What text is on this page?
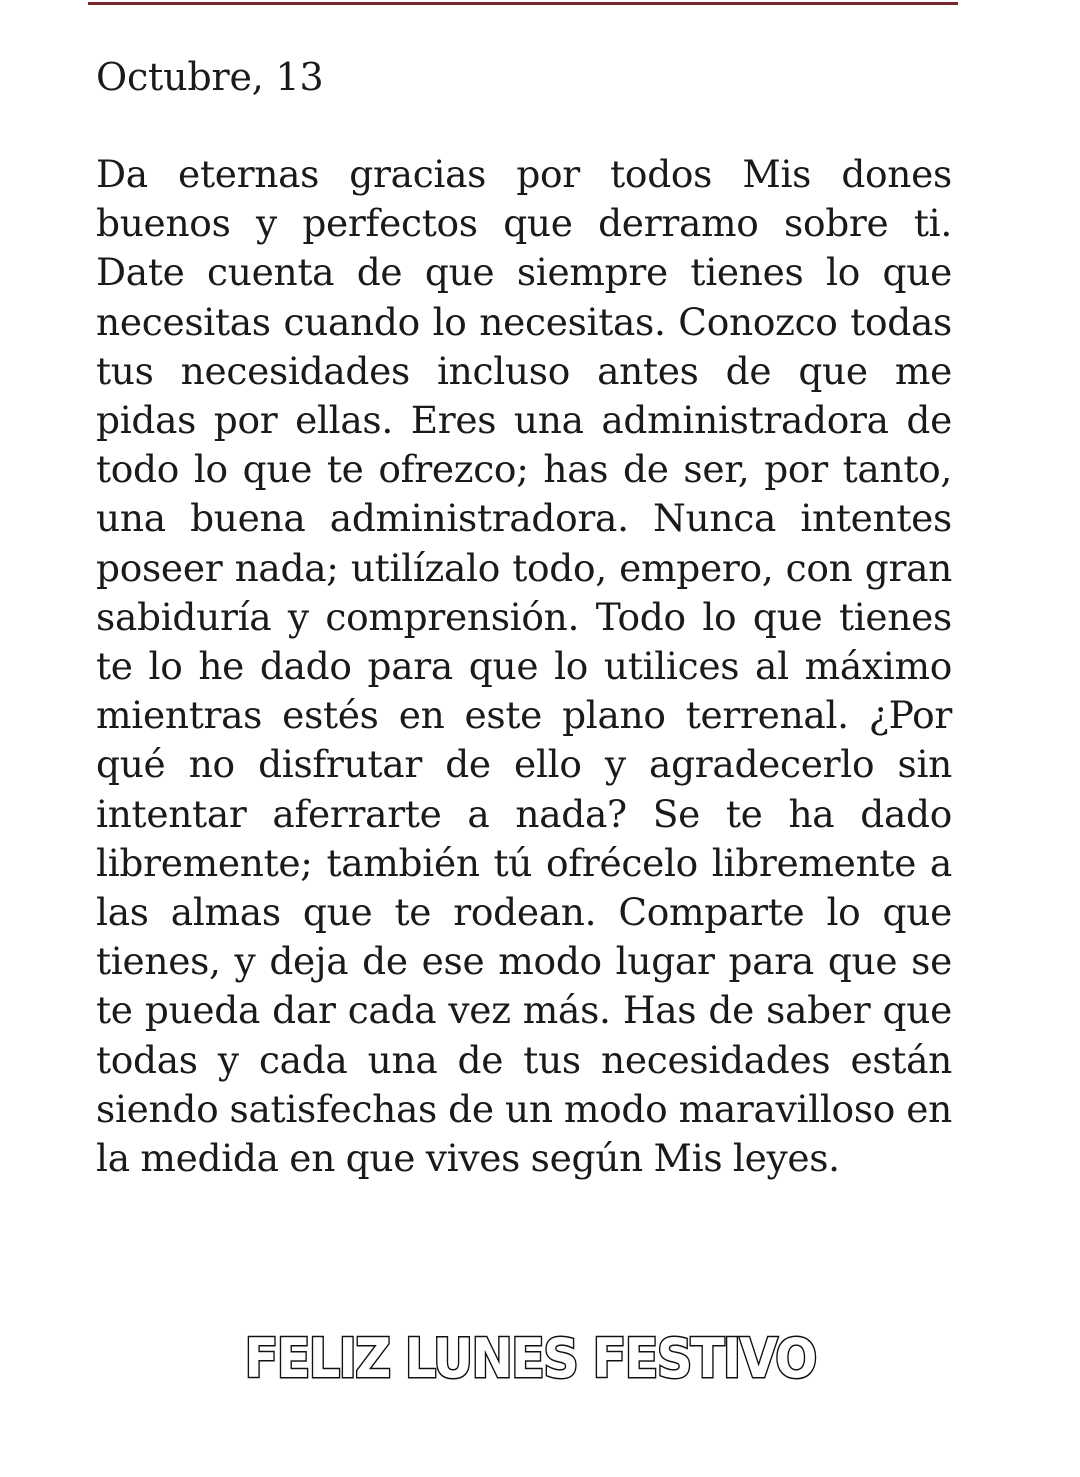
Octubre, 13
Da eternas gracias por todos Mis dones buenos y perfectos que derramo sobre ti. Date cuenta de que siempre tienes lo que necesitas cuando lo necesitas. Conozco todas tus necesidades incluso antes de que me pidas por ellas. Eres una administradora de todo lo que te ofrezco; has de ser, por tanto, una buena administradora. Nunca intentes poseer nada; utilízalo todo, empero, con gran sabiduría y comprensión. Todo lo que tienes te lo he dado para que lo utilices al máximo mientras estés en este plano terrenal. ¿Por qué no disfrutar de ello y agradecerlo sin intentar aferrarte a nada? Se te ha dado libremente; también tú ofrécelo libremente a las almas que te rodean. Comparte lo que tienes, y deja de ese modo lugar para que se te pueda dar cada vez más. Has de saber que todas y cada una de tus necesidades están siendo satisfechas de un modo maravilloso en la medida en que vives según Mis leyes.
FELIZ LUNES FESTIVO
